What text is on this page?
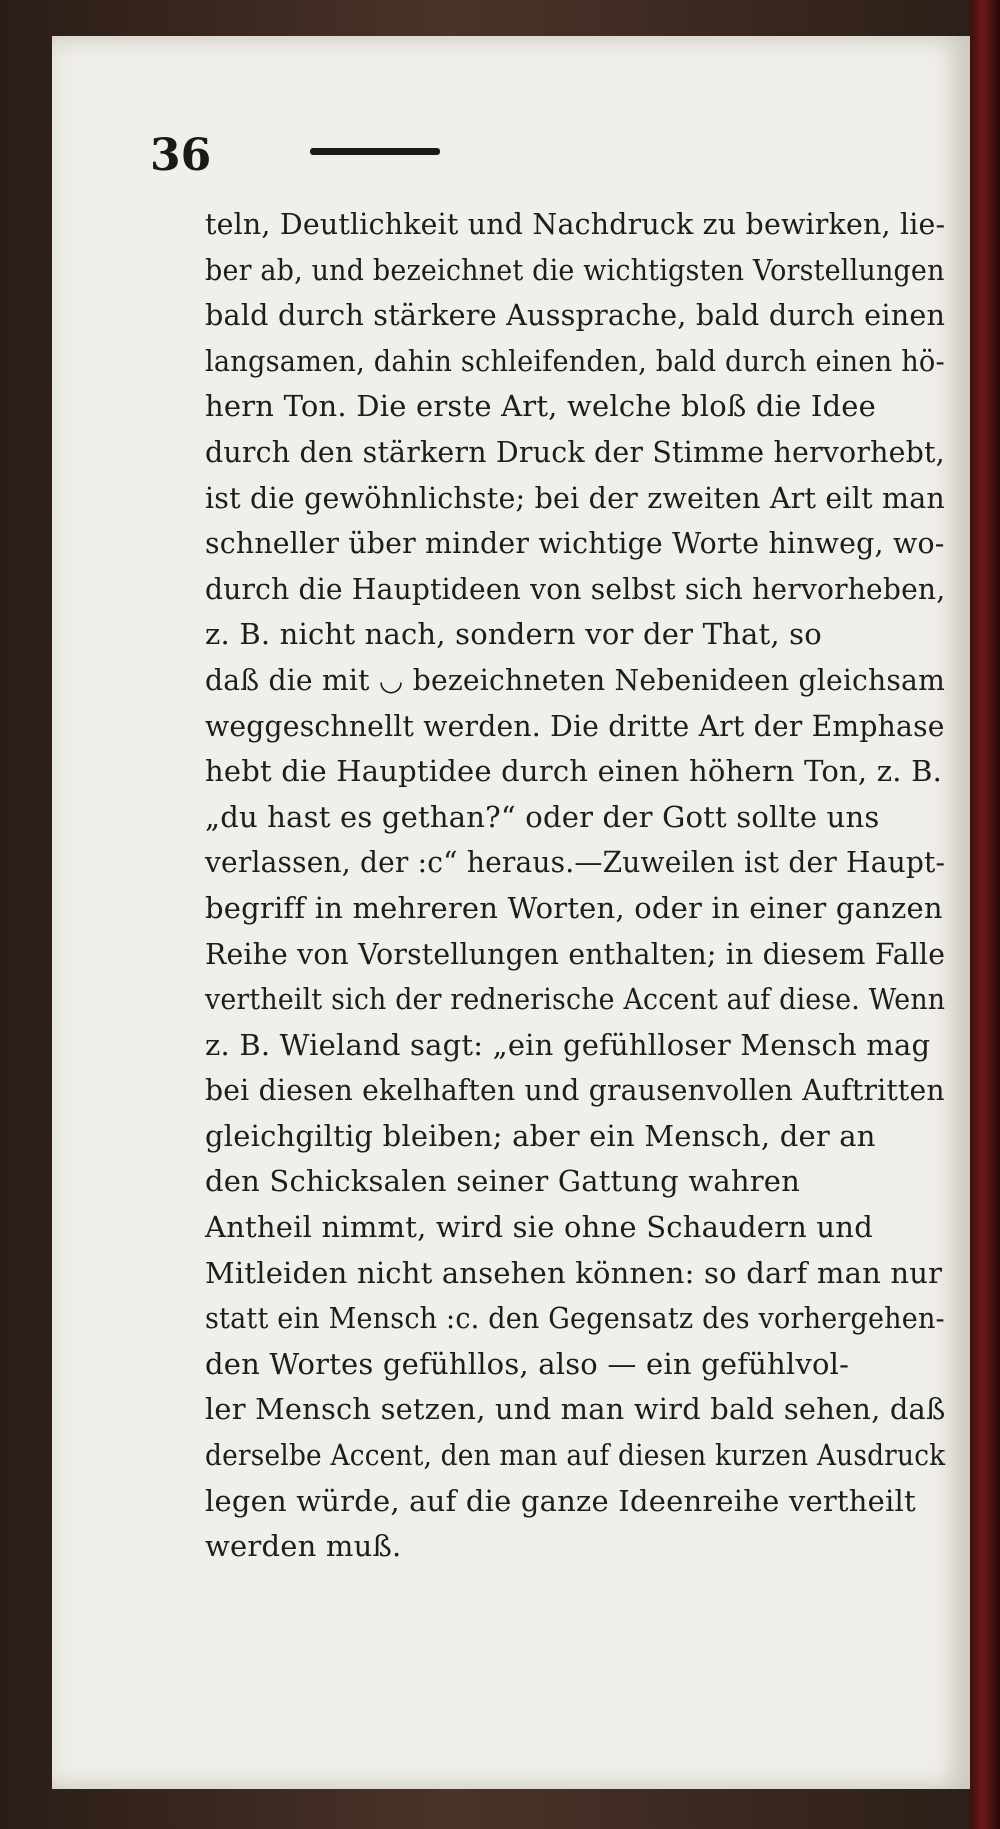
36
teln, Deutlichkeit und Nachdruck zu bewirken, lie-
ber ab, und bezeichnet die wichtigsten Vorstellungen
bald durch stärkere Aussprache, bald durch einen
langsamen, dahin schleifenden, bald durch einen hö-
hern Ton. Die erste Art, welche bloß die Idee
durch den stärkern Druck der Stimme hervorhebt,
ist die gewöhnlichste; bei der zweiten Art eilt man
schneller über minder wichtige Worte hinweg, wo-
durch die Hauptideen von selbst sich hervorheben,
z. B. nicht nach, sondern vor der That, so
daß die mit ◡ bezeichneten Nebenideen gleichsam
weggeschnellt werden. Die dritte Art der Emphase
hebt die Hauptidee durch einen höhern Ton, z. B.
„du hast es gethan?“ oder der Gott sollte uns
verlassen, der :c“ heraus.—Zuweilen ist der Haupt-
begriff in mehreren Worten, oder in einer ganzen
Reihe von Vorstellungen enthalten; in diesem Falle
vertheilt sich der rednerische Accent auf diese. Wenn
z. B. Wieland sagt: „ein gefühlloser Mensch mag
bei diesen ekelhaften und grausenvollen Auftritten
gleichgiltig bleiben; aber ein Mensch, der an
den Schicksalen seiner Gattung wahren
Antheil nimmt, wird sie ohne Schaudern und
Mitleiden nicht ansehen können: so darf man nur
statt ein Mensch :c. den Gegensatz des vorhergehen-
den Wortes gefühllos, also — ein gefühlvol-
ler Mensch setzen, und man wird bald sehen, daß
derselbe Accent, den man auf diesen kurzen Ausdruck
legen würde, auf die ganze Ideenreihe vertheilt
werden muß.
